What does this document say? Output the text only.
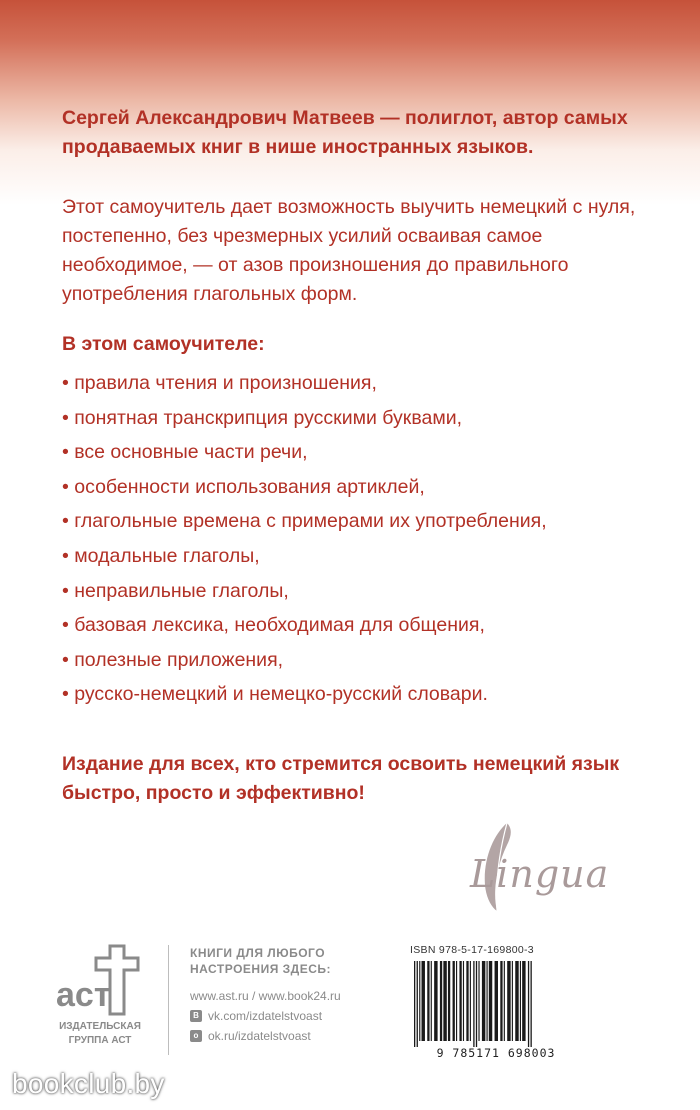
Сергей Александрович Матвеев — полиглот, автор самых
продаваемых книг в нише иностранных языков.
Этот самоучитель дает возможность выучить немецкий с нуля,
постепенно, без чрезмерных усилий осваивая самое
необходимое, — от азов произношения до правильного
употребления глагольных форм.
В этом самоучителе:
• правила чтения и произношения,
• понятная транскрипция русскими буквами,
• все основные части речи,
• особенности использования артиклей,
• глагольные времена с примерами их употребления,
• модальные глаголы,
• неправильные глаголы,
• базовая лексика, необходимая для общения,
• полезные приложения,
• русско-немецкий и немецко-русский словари.
Издание для всех, кто стремится освоить немецкий язык
быстро, просто и эффективно!
Lingua
аст
ИЗДАТЕЛЬСКАЯ
ГРУППА АСТ
КНИГИ ДЛЯ ЛЮБОГО
НАСТРОЕНИЯ ЗДЕСЬ:
www.ast.ru / www.book24.ru
B vk.com/izdatelstvoast
o ok.ru/izdatelstvoast
ISBN 978-5-17-169800-3
9 785171 698003
bookclub.by
